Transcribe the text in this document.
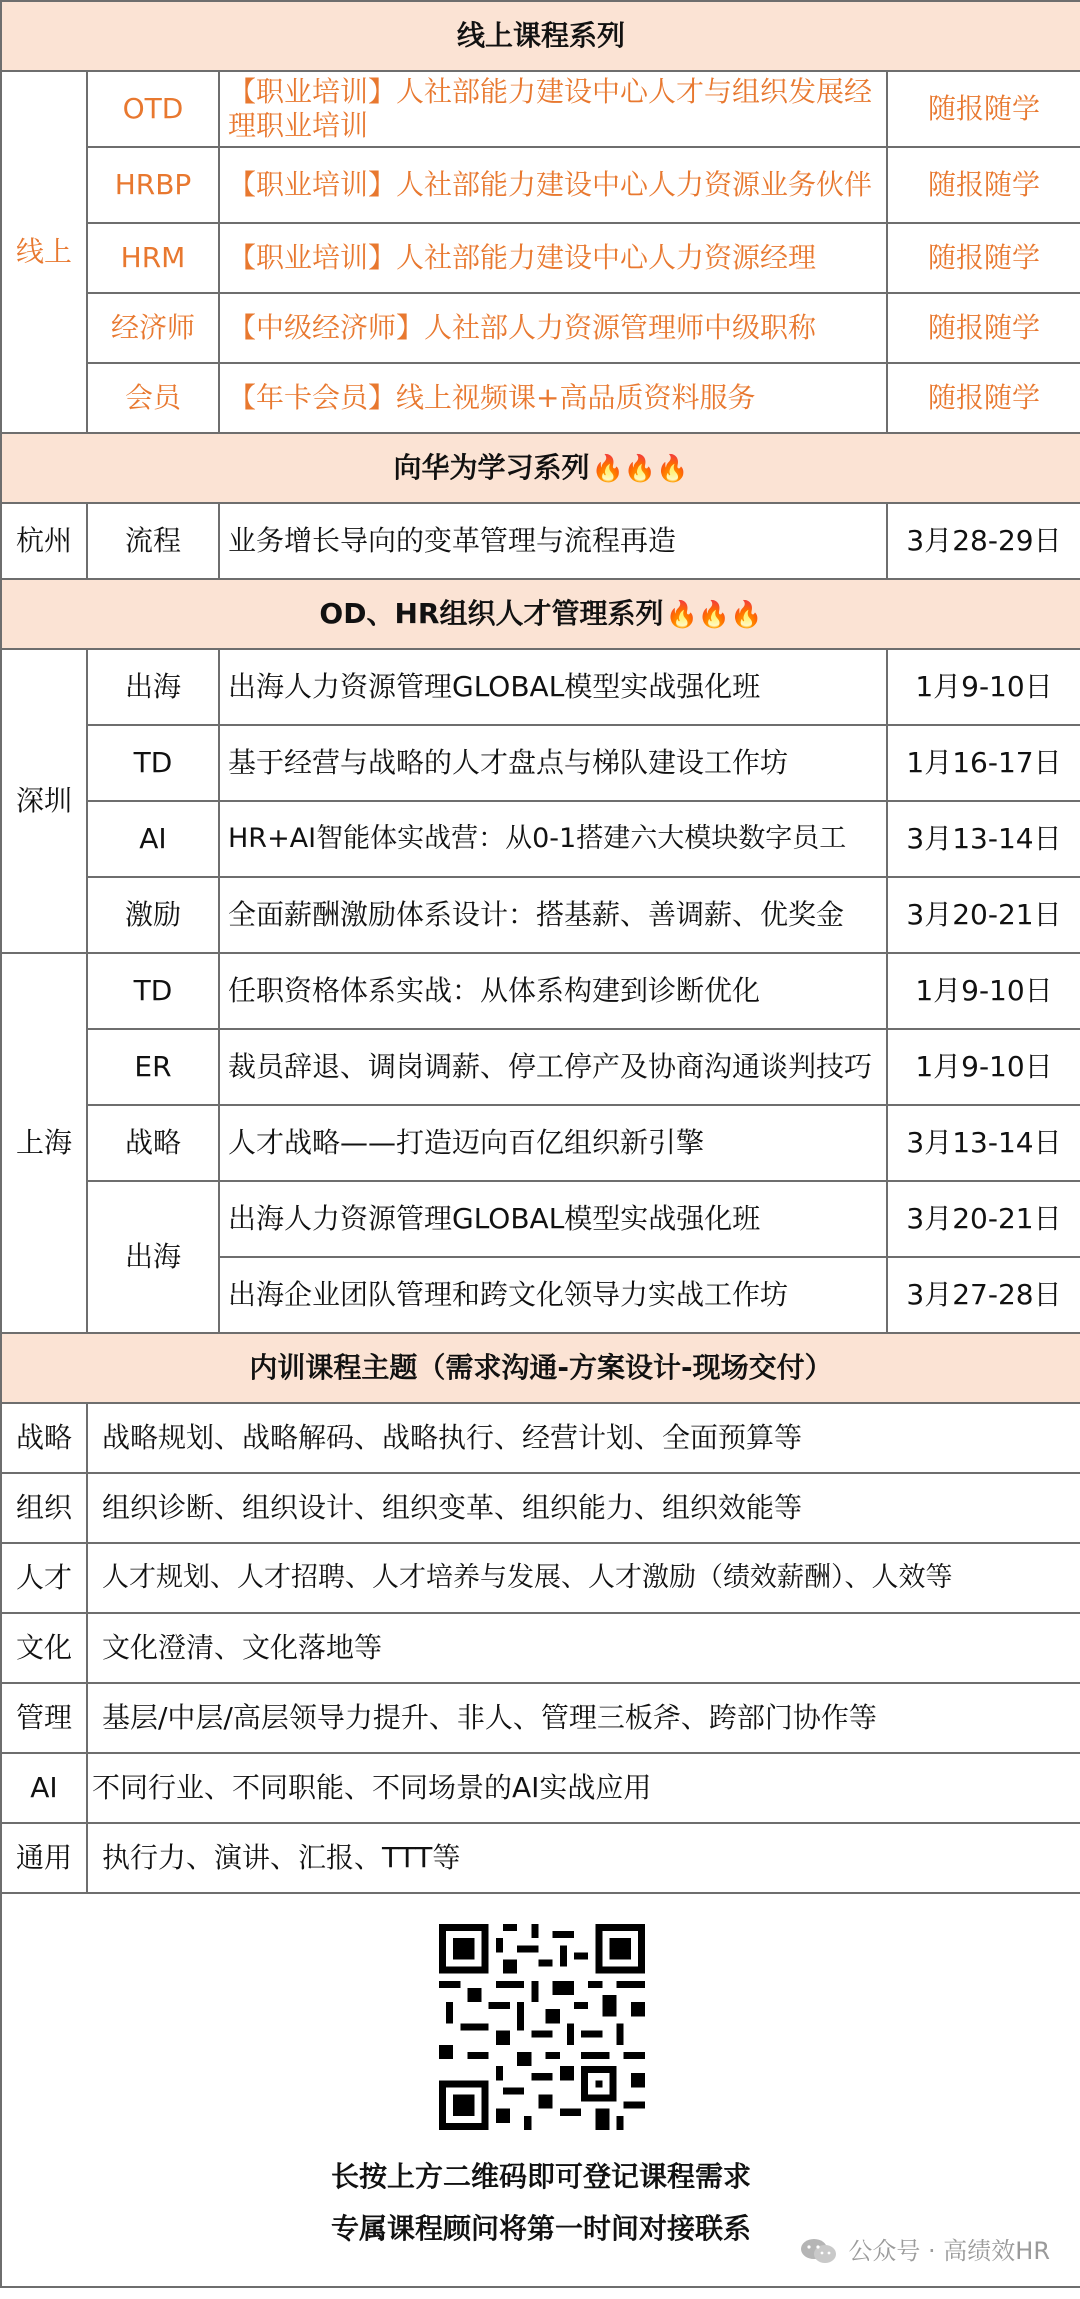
线上课程系列			
线上	OTD	【职业培训】人社部能力建设中心人才与组织发展经理职业培训	随报随学
	HRBP	【职业培训】人社部能力建设中心人力资源业务伙伴	随报随学
	HRM	【职业培训】人社部能力建设中心人力资源经理	随报随学
	经济师	【中级经济师】人社部人力资源管理师中级职称	随报随学
	会员	【年卡会员】线上视频课+高品质资料服务	随报随学
向华为学习系列🔥🔥🔥			
杭州	流程	业务增长导向的变革管理与流程再造	3月28-29日
OD、HR组织人才管理系列🔥🔥🔥			
深圳	出海	出海人力资源管理GLOBAL模型实战强化班	1月9-10日
	TD	基于经营与战略的人才盘点与梯队建设工作坊	1月16-17日
	AI	HR+AI智能体实战营：从0-1搭建六大模块数字员工	3月13-14日
	激励	全面薪酬激励体系设计：搭基薪、善调薪、优奖金	3月20-21日
上海	TD	任职资格体系实战：从体系构建到诊断优化	1月9-10日
	ER	裁员辞退、调岗调薪、停工停产及协商沟通谈判技巧	1月9-10日
	战略	人才战略——打造迈向百亿组织新引擎	3月13-14日
	出海	出海人力资源管理GLOBAL模型实战强化班	3月20-21日
		出海企业团队管理和跨文化领导力实战工作坊	3月27-28日
内训课程主题（需求沟通-方案设计-现场交付）			
战略	战略规划、战略解码、战略执行、经营计划、全面预算等		
组织	组织诊断、组织设计、组织变革、组织能力、组织效能等		
人才	人才规划、人才招聘、人才培养与发展、人才激励（绩效薪酬）、人效等		
文化	文化澄清、文化落地等		
管理	基层/中层/高层领导力提升、非人、管理三板斧、跨部门协作等		
AI	不同行业、不同职能、不同场景的AI实战应用		
通用	执行力、演讲、汇报、TTT等		

长按上方二维码即可登记课程需求
专属课程顾问将第一时间对接联系
公众号 · 高绩效HR			
